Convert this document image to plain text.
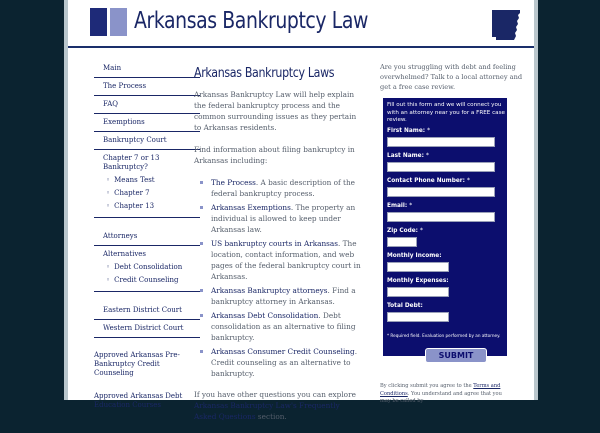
Arkansas Bankruptcy Law
Main
The Process
FAQ
Exemptions
Bankruptcy Court
Chapter 7 or 13 Bankruptcy?
◦ Means Test
◦ Chapter 7
◦ Chapter 13
Attorneys
Alternatives
◦ Debt Consolidation
◦ Credit Counseling
Eastern District Court
Western District Court
Approved Arkansas Pre-Bankruptcy Credit Counseling
Approved Arkansas Debt Education Courses
Arkansas Bankruptcy Laws

Arkansas Bankruptcy Law will help explain the federal bankruptcy process and the common surrounding issues as they pertain to Arkansas residents.

Find information about filing bankruptcy in Arkansas including:

The Process. A basic description of the federal bankruptcy process.
Arkansas Exemptions. The property an individual is allowed to keep under Arkansas law.
US bankruptcy courts in Arkansas. The location, contact information, and web pages of the federal bankruptcy court in Arkansas.
Arkansas Bankruptcy attorneys. Find a bankruptcy attorney in Arkansas.
Arkansas Debt Consolidation. Debt consolidation as an alternative to filing bankruptcy.
Arkansas Consumer Credit Counseling. Credit counseling as an alternative to bankruptcy.

If you have other questions you can explore Arkansas Bankruptcy Law's Frequently Asked Questions section.

Are you struggling with debt and feeling overwhelmed? Talk to a local attorney and get a free case review.
Fill out this form and we will connect you with an attorney near you for a FREE case review.
First Name: *
Last Name: *
Contact Phone Number: *
Email: *
Zip Code: *
Monthly Income:
Monthly Expenses:
Total Debt:
* Required field. Evaluation performed by an attorney.
SUBMIT
By clicking submit you agree to the Terms and Conditions. You understand and agree that you may be called by
